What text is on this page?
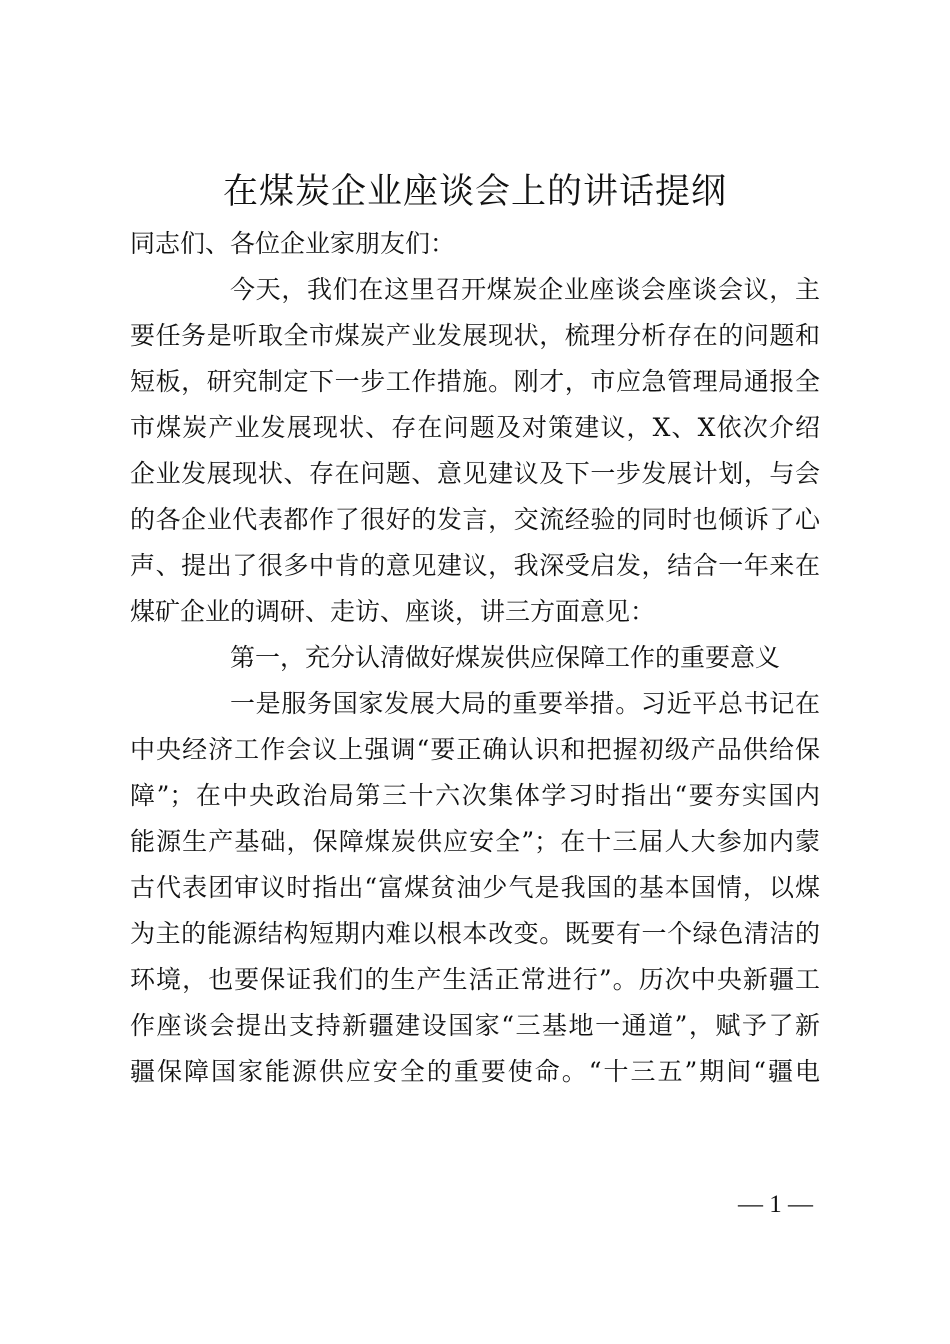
在煤炭企业座谈会上的讲话提纲
同志们、各位企业家朋友们：
今天，我们在这里召开煤炭企业座谈会座谈会议，主
要任务是听取全市煤炭产业发展现状，梳理分析存在的问题和
短板，研究制定下一步工作措施。刚才，市应急管理局通报全
市煤炭产业发展现状、存在问题及对策建议，X、X依次介绍
企业发展现状、存在问题、意见建议及下一步发展计划，与会
的各企业代表都作了很好的发言，交流经验的同时也倾诉了心
声、提出了很多中肯的意见建议，我深受启发，结合一年来在
煤矿企业的调研、走访、座谈，讲三方面意见：
第一，充分认清做好煤炭供应保障工作的重要意义
一是服务国家发展大局的重要举措。习近平总书记在
中央经济工作会议上强调“要正确认识和把握初级产品供给保
障”；在中央政治局第三十六次集体学习时指出“要夯实国内
能源生产基础，保障煤炭供应安全”；在十三届人大参加内蒙
古代表团审议时指出“富煤贫油少气是我国的基本国情，以煤
为主的能源结构短期内难以根本改变。既要有一个绿色清洁的
环境，也要保证我们的生产生活正常进行”。历次中央新疆工
作座谈会提出支持新疆建设国家“三基地一通道”，赋予了新
疆保障国家能源供应安全的重要使命。“十三五”期间“疆电
— 1 —
